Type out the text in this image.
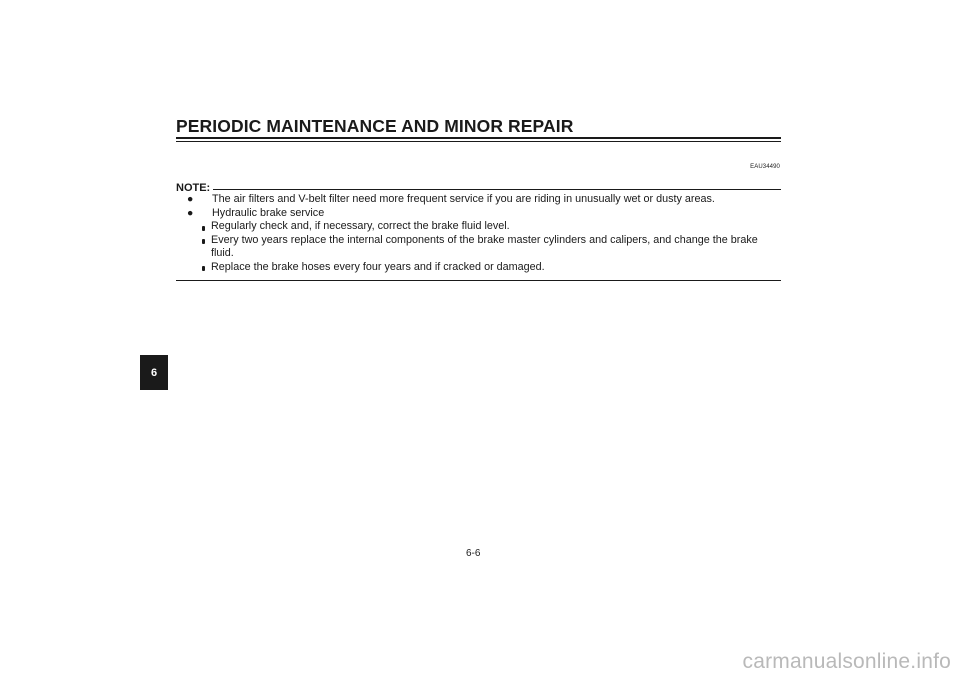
PERIODIC MAINTENANCE AND MINOR REPAIR
6
EAU34490
NOTE:
● The air filters and V-belt filter need more frequent service if you are riding in unusually wet or dusty areas.
● Hydraulic brake service
Regularly check and, if necessary, correct the brake fluid level.
Every two years replace the internal components of the brake master cylinders and calipers, and change the brake fluid.
Replace the brake hoses every four years and if cracked or damaged.
6-6
carmanualsonline.info
